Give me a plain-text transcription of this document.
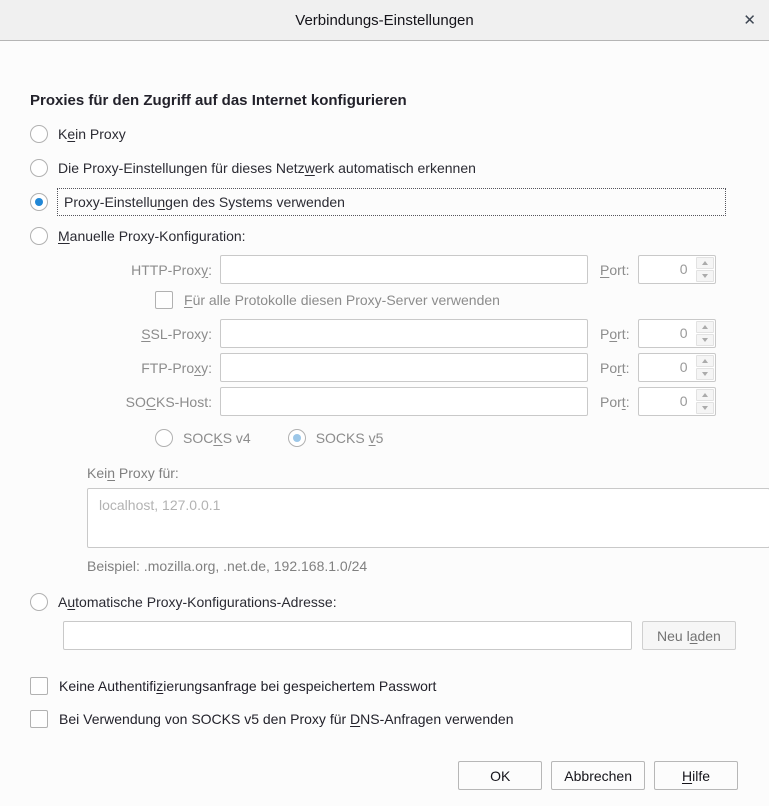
Verbindungs-Einstellungen	✕
Proxies für den Zugriff auf das Internet konfigurieren
Kein Proxy
Die Proxy-Einstellungen für dieses Netzwerk automatisch erkennen
Proxy-Einstellungen des Systems verwenden
Manuelle Proxy-Konfiguration:
HTTP-Proxy:	Port:	0
Für alle Protokolle diesen Proxy-Server verwenden
SSL-Proxy:	Port:	0
FTP-Proxy:	Port:	0
SOCKS-Host:	Port:	0
SOCKS v4	SOCKS v5
Kein Proxy für:
localhost, 127.0.0.1
Beispiel: .mozilla.org, .net.de, 192.168.1.0/24
Automatische Proxy-Konfigurations-Adresse:
Neu laden
Keine Authentifizierungsanfrage bei gespeichertem Passwort
Bei Verwendung von SOCKS v5 den Proxy für DNS-Anfragen verwenden
OK	Abbrechen	Hilfe
